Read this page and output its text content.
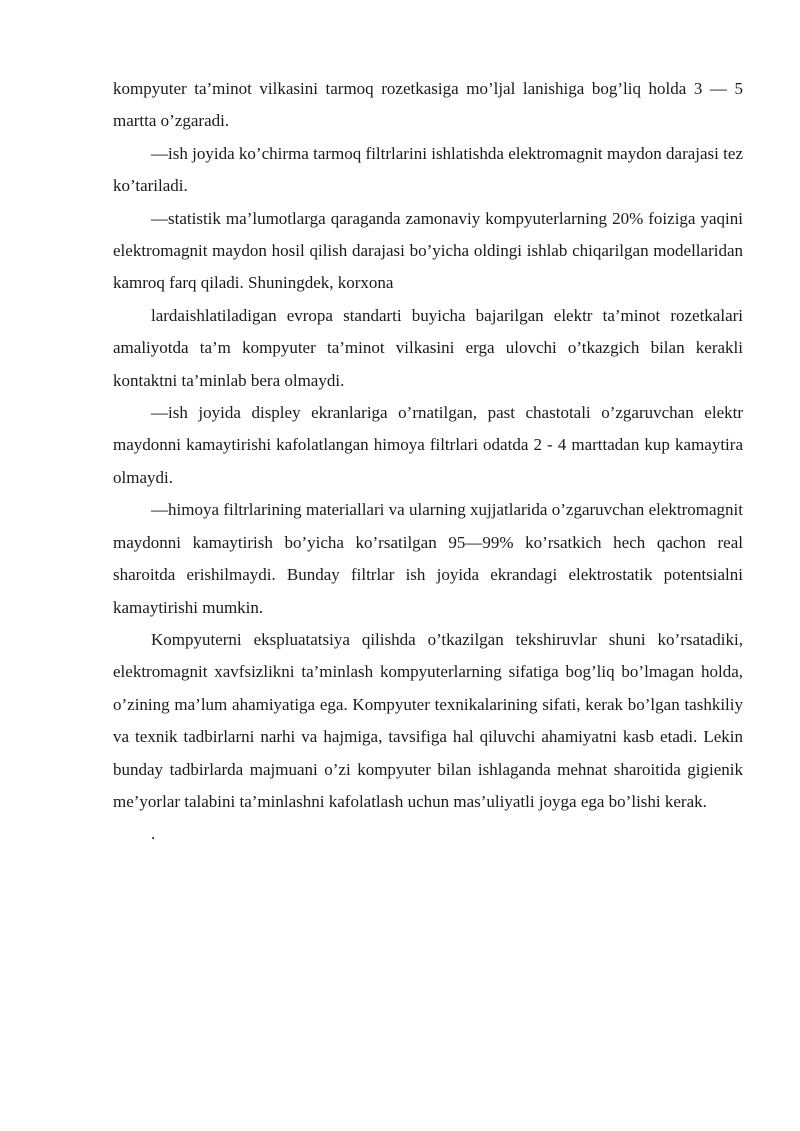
kompyuter ta’minot vilkasini tarmoq rozetkasiga mo’ljal lanishiga bog’liq holda 3 — 5 martta o’zgaradi.

—ish joyida ko’chirma tarmoq filtrlarini ishlatishda elektromagnit maydon darajasi tez ko’tariladi.

—statistik ma’lumotlarga qaraganda zamonaviy kompyuterlarning 20% foiziga yaqini elektromagnit maydon hosil qilish darajasi bo’yicha oldingi ishlab chiqarilgan modellaridan kamroq farq qiladi. Shuningdek, korxona

lardaishlatiladigan evropa standarti buyicha bajarilgan elektr ta’minot rozetkalari amaliyotda ta’m kompyuter ta’minot vilkasini erga ulovchi o’tkazgich bilan kerakli kontaktni ta’minlab bera olmaydi.

—ish joyida displey ekranlariga o’rnatilgan, past chastotali o’zgaruvchan elektr maydonni kamaytirishi kafolatlangan himoya filtrlari odatda 2 - 4 marttadan kup kamaytira olmaydi.

—himoya filtrlarining materiallari va ularning xujjatlarida o’zgaruvchan elektromagnit maydonni kamaytirish bo’yicha ko’rsatilgan 95—99% ko’rsatkich hech qachon real sharoitda erishilmaydi. Bunday filtrlar ish joyida ekrandagi elektrostatik potentsialni kamaytirishi mumkin.

Kompyuterni ekspluatatsiya qilishda o’tkazilgan tekshiruvlar shuni ko’rsatadiki, elektromagnit xavfsizlikni ta’minlash kompyuterlarning sifatiga bog’liq bo’lmagan holda, o’zining ma’lum ahamiyatiga ega. Kompyuter texnikalarining sifati, kerak bo’lgan tashkiliy va texnik tadbirlarni narhi va hajmiga, tavsifiga hal qiluvchi ahamiyatni kasb etadi. Lekin bunday tadbirlarda majmuani o’zi kompyuter bilan ishlaganda mehnat sharoitida gigienik me’yorlar talabini ta’minlashni kafolatlash uchun mas’uliyatli joyga ega bo’lishi kerak.

.
